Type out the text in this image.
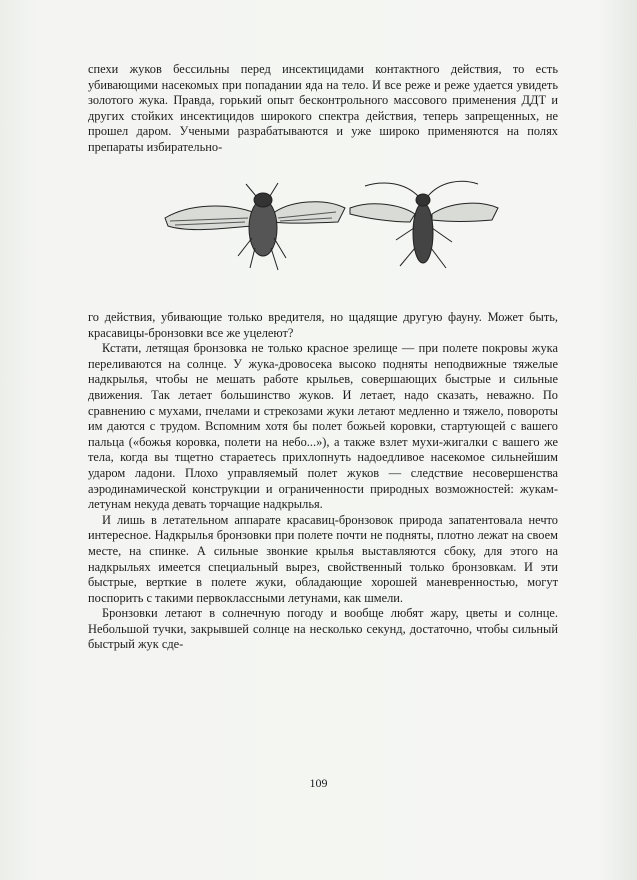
спехи жуков бессильны перед инсектицидами контактного действия, то есть убивающими насекомых при попадании яда на тело. И все реже и реже удается увидеть золотого жука. Правда, горький опыт бесконтрольного массового применения ДДТ и других стойких инсектицидов широкого спектра действия, теперь запрещенных, не прошел даром. Учеными разрабатываются и уже широко применяются на полях препараты избирательно-

го действия, убивающие только вредителя, но щадящие другую фауну. Может быть, красавицы-бронзовки все же уцелеют?

Кстати, летящая бронзовка не только красное зрелище — при полете покровы жука переливаются на солнце. У жука-дровосека высоко подняты неподвижные тяжелые надкрылья, чтобы не мешать работе крыльев, совершающих быстрые и сильные движения. Так летает большинство жуков. И летает, надо сказать, неважно. По сравнению с мухами, пчелами и стрекозами жуки летают медленно и тяжело, повороты им даются с трудом. Вспомним хотя бы полет божьей коровки, стартующей с вашего пальца («божья коровка, полети на небо...»), а также взлет мухи-жигалки с вашего же тела, когда вы тщетно стараетесь прихлопнуть надоедливое насекомое сильнейшим ударом ладони. Плохо управляемый полет жуков — следствие несовершенства аэродинамической конструкции и ограниченности природных возможностей: жукам-летунам некуда девать торчащие надкрылья.

И лишь в летательном аппарате красавиц-бронзовок природа запатентовала нечто интересное. Надкрылья бронзовки при полете почти не подняты, плотно лежат на своем месте, на спинке. А сильные звонкие крылья выставляются сбоку, для этого на надкрыльях имеется специальный вырез, свойственный только бронзовкам. И эти быстрые, верткие в полете жуки, обладающие хорошей маневренностью, могут поспорить с такими первоклассными летунами, как шмели.

Бронзовки летают в солнечную погоду и вообще любят жару, цветы и солнце. Небольшой тучки, закрывшей солнце на несколько секунд, достаточно, чтобы сильный быстрый жук сде-

109
